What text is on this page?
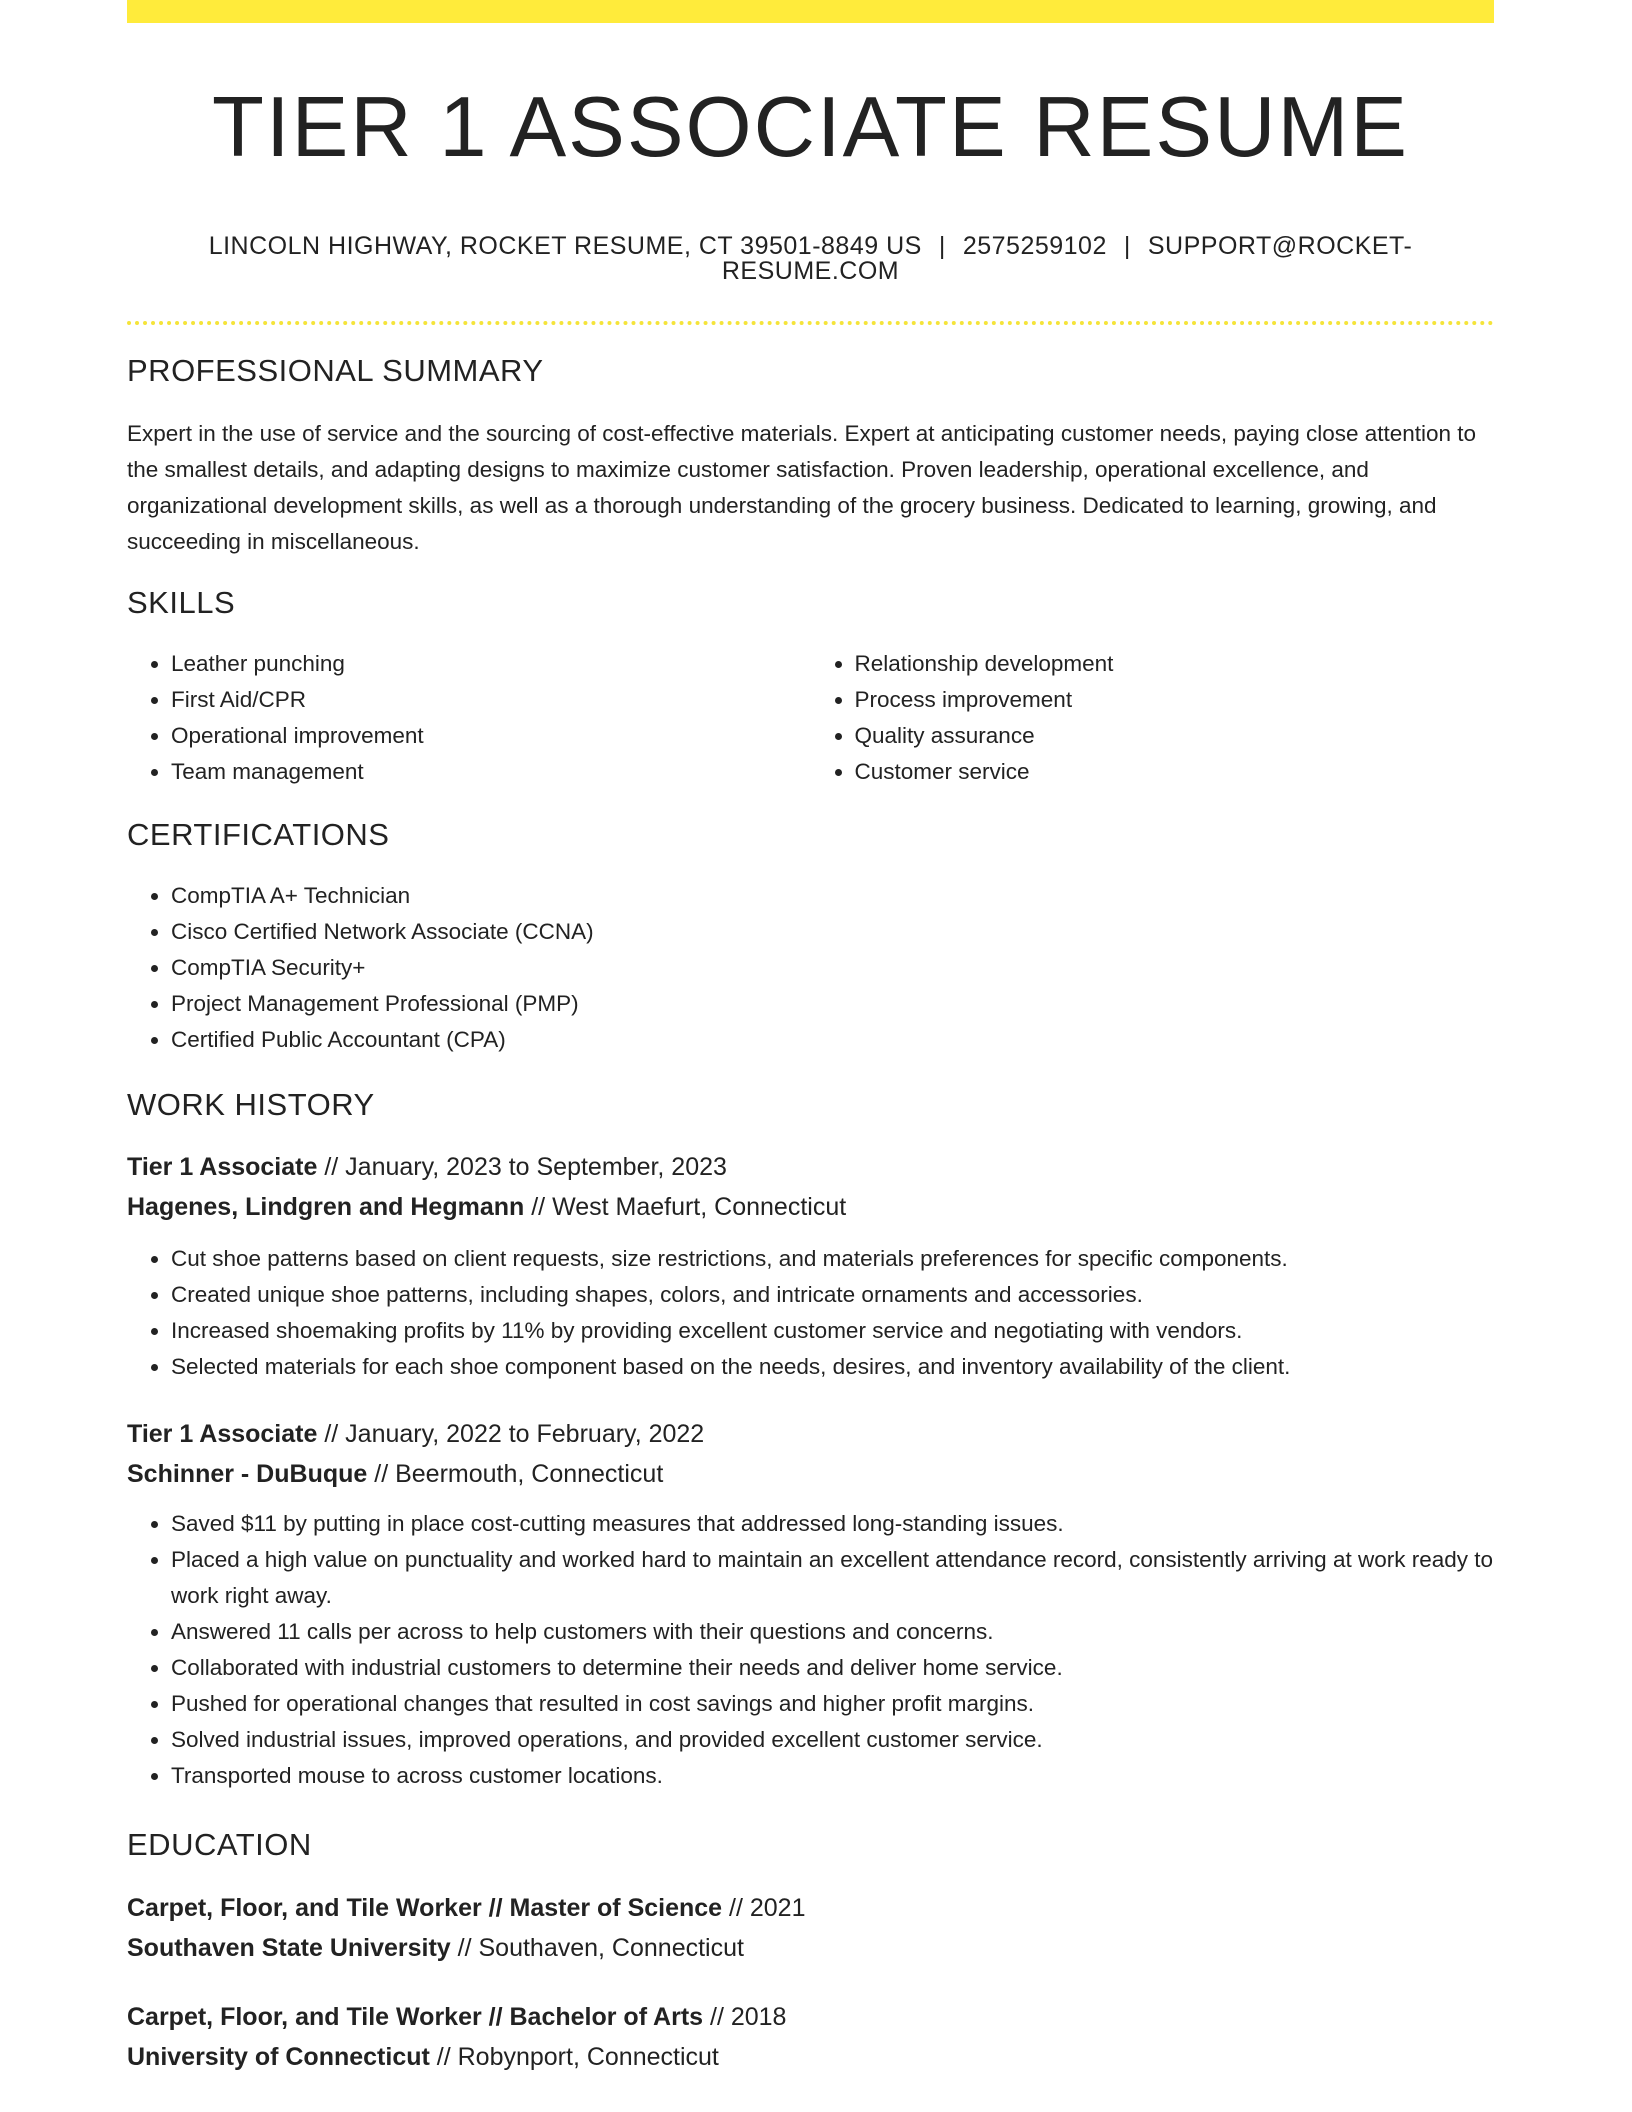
TIER 1 ASSOCIATE RESUME
LINCOLN HIGHWAY, ROCKET RESUME, CT 39501-8849 US | 2575259102 | SUPPORT@ROCKET-RESUME.COM
PROFESSIONAL SUMMARY

Expert in the use of service and the sourcing of cost-effective materials. Expert at anticipating customer needs, paying close attention to the smallest details, and adapting designs to maximize customer satisfaction. Proven leadership, operational excellence, and organizational development skills, as well as a thorough understanding of the grocery business. Dedicated to learning, growing, and succeeding in miscellaneous.

SKILLS
• Leather punching
• First Aid/CPR
• Operational improvement
• Team management
• Relationship development
• Process improvement
• Quality assurance
• Customer service
CERTIFICATIONS
• CompTIA A+ Technician
• Cisco Certified Network Associate (CCNA)
• CompTIA Security+
• Project Management Professional (PMP)
• Certified Public Accountant (CPA)
WORK HISTORY
Tier 1 Associate // January, 2023 to September, 2023
Hagenes, Lindgren and Hegmann // West Maefurt, Connecticut
• Cut shoe patterns based on client requests, size restrictions, and materials preferences for specific components.
• Created unique shoe patterns, including shapes, colors, and intricate ornaments and accessories.
• Increased shoemaking profits by 11% by providing excellent customer service and negotiating with vendors.
• Selected materials for each shoe component based on the needs, desires, and inventory availability of the client.
Tier 1 Associate // January, 2022 to February, 2022
Schinner - DuBuque // Beermouth, Connecticut
• Saved $11 by putting in place cost-cutting measures that addressed long-standing issues.
• Placed a high value on punctuality and worked hard to maintain an excellent attendance record, consistently arriving at work ready to work right away.
• Answered 11 calls per across to help customers with their questions and concerns.
• Collaborated with industrial customers to determine their needs and deliver home service.
• Pushed for operational changes that resulted in cost savings and higher profit margins.
• Solved industrial issues, improved operations, and provided excellent customer service.
• Transported mouse to across customer locations.
EDUCATION
Carpet, Floor, and Tile Worker // Master of Science // 2021
Southaven State University // Southaven, Connecticut
Carpet, Floor, and Tile Worker // Bachelor of Arts // 2018
University of Connecticut // Robynport, Connecticut
